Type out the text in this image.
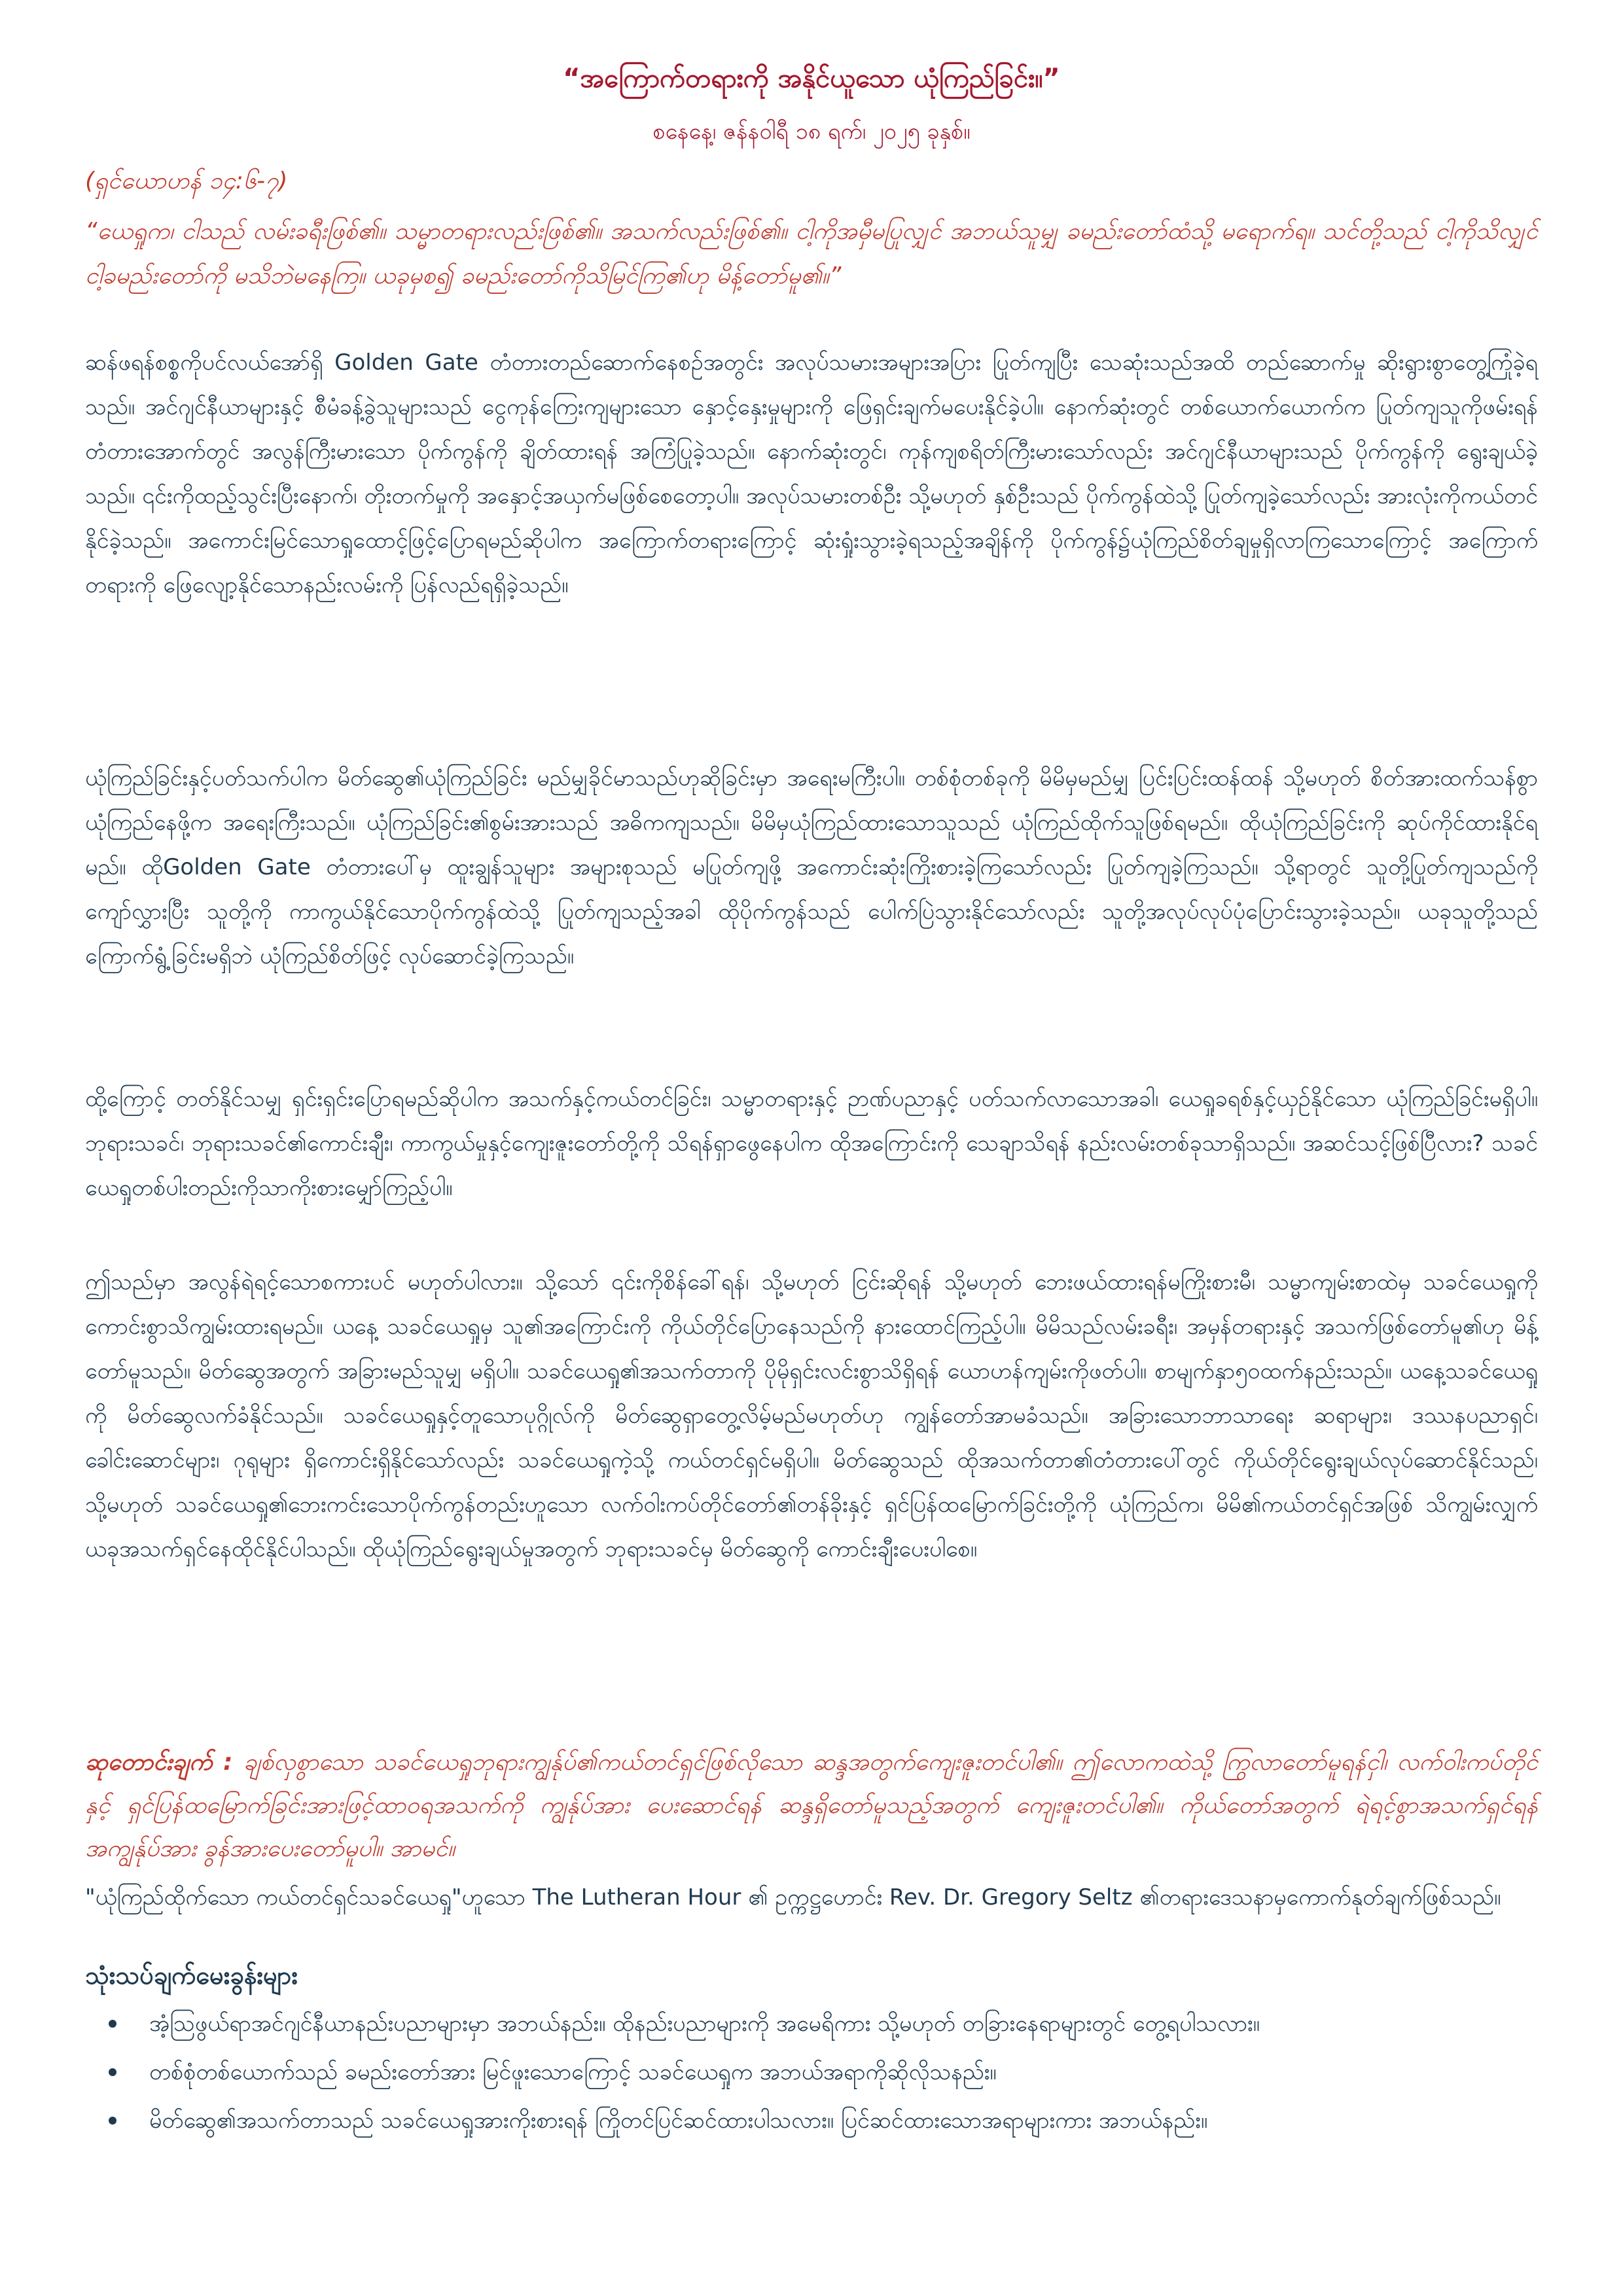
“အကြောက်တရားကို အနိုင်ယူသော ယုံကြည်ခြင်း။”
စနေနေ့၊ ဇန်နဝါရီ ၁၈ ရက်၊ ၂၀၂၅ ခုနှစ်။
(ရှင်ယောဟန် ၁၄:၆-၇)
“ယေရှုက၊ ငါသည် လမ်းခရီးဖြစ်၏။ သမ္မာတရားလည်းဖြစ်၏။ အသက်လည်းဖြစ်၏။ ငါ့ကိုအမှီမပြုလျှင် အဘယ်သူမျှ ခမည်းတော်ထံသို့ မရောက်ရ။ သင်တို့သည် ငါ့ကိုသိလျှင်ငါ့ခမည်းတော်ကို မသိဘဲမနေကြ။ ယခုမှစ၍ ခမည်းတော်ကိုသိမြင်ကြ၏ဟု မိန့်တော်မူ၏။”

ဆန်ဖရန်စစ္စကိုပင်လယ်အော်ရှိ Golden Gate တံတားတည်ဆောက်နေစဉ်အတွင်း အလုပ်သမားအများအပြား ပြုတ်ကျပြီး သေဆုံးသည်အထိ တည်ဆောက်မှု ဆိုးရွားစွာတွေ့ကြုံခဲ့ရသည်။ အင်ဂျင်နီယာများနှင့် စီမံခန့်ခွဲသူများသည် ငွေကုန်ကြေးကျများသော နှောင့်နှေးမှုများကို ဖြေရှင်းချက်မပေးနိုင်ခဲ့ပါ။ နောက်ဆုံးတွင် တစ်ယောက်ယောက်က ပြုတ်ကျသူကိုဖမ်းရန် တံတားအောက်တွင် အလွန်ကြီးမားသော ပိုက်ကွန်ကို ချိတ်ထားရန် အကြံပြုခဲ့သည်။ နောက်ဆုံးတွင်၊ ကုန်ကျစရိတ်ကြီးမားသော်လည်း အင်ဂျင်နီယာများသည် ပိုက်ကွန်ကို ရွေးချယ်ခဲ့သည်။ ၎င်းကိုထည့်သွင်းပြီးနောက်၊ တိုးတက်မှုကို အနှောင့်အယှက်မဖြစ်စေတော့ပါ။ အလုပ်သမားတစ်ဦး သို့မဟုတ် နှစ်ဦးသည် ပိုက်ကွန်ထဲသို့ ပြုတ်ကျခဲ့သော်လည်း အားလုံးကိုကယ်တင်နိုင်ခဲ့သည်။ အကောင်းမြင်သောရှုထောင့်ဖြင့်ပြောရမည်ဆိုပါက အကြောက်တရားကြောင့် ဆုံးရှုံးသွားခဲ့ရသည့်အချိန်ကို ပိုက်ကွန်၌ယုံကြည်စိတ်ချမှုရှိလာကြသောကြောင့် အကြောက်တရားကို ဖြေလျော့နိုင်သောနည်းလမ်းကို ပြန်လည်ရရှိခဲ့သည်။

ယုံကြည်ခြင်းနှင့်ပတ်သက်ပါက မိတ်ဆွေ၏ယုံကြည်ခြင်း မည်မျှခိုင်မာသည်ဟုဆိုခြင်းမှာ အရေးမကြီးပါ။ တစ်စုံတစ်ခုကို မိမိမှမည်မျှ ပြင်းပြင်းထန်ထန် သို့မဟုတ် စိတ်အားထက်သန်စွာ ယုံကြည်နေဖို့က အရေးကြီးသည်။ ယုံကြည်ခြင်း၏စွမ်းအားသည် အဓိကကျသည်။ မိမိမှယုံကြည်ထားသောသူသည် ယုံကြည်ထိုက်သူဖြစ်ရမည်။ ထိုယုံကြည်ခြင်းကို ဆုပ်ကိုင်ထားနိုင်ရမည်။ ထိုGolden Gate တံတားပေါ်မှ ထူးချွန်သူများ အများစုသည် မပြုတ်ကျဖို့ အကောင်းဆုံးကြိုးစားခဲ့ကြသော်လည်း ပြုတ်ကျခဲ့ကြသည်။ သို့ရာတွင် သူတို့ပြုတ်ကျသည်ကို ကျော်လွှားပြီး သူတို့ကို ကာကွယ်နိုင်သောပိုက်ကွန်ထဲသို့ ပြုတ်ကျသည့်အခါ ထိုပိုက်ကွန်သည် ပေါက်ပြဲသွားနိုင်သော်လည်း သူတို့အလုပ်လုပ်ပုံပြောင်းသွားခဲ့သည်။ ယခုသူတို့သည် ကြောက်ရွံ့ခြင်းမရှိဘဲ ယုံကြည်စိတ်ဖြင့် လုပ်ဆောင်ခဲ့ကြသည်။

ထို့ကြောင့် တတ်နိုင်သမျှ ရှင်းရှင်းပြောရမည်ဆိုပါက အသက်နှင့်ကယ်တင်ခြင်း၊ သမ္မာတရားနှင့် ဉာဏ်ပညာနှင့် ပတ်သက်လာသောအခါ၊ ယေရှုခရစ်နှင့်ယှဉ်နိုင်သော ယုံကြည်ခြင်းမရှိပါ။ ဘုရားသခင်၊ ဘုရားသခင်၏ကောင်းချီး၊ ကာကွယ်မှုနှင့်ကျေးဇူးတော်တို့ကို သိရန်ရှာဖွေနေပါက ထိုအကြောင်းကို သေချာသိရန် နည်းလမ်းတစ်ခုသာရှိသည်။ အဆင်သင့်ဖြစ်ပြီလား? သခင်ယေရှုတစ်ပါးတည်းကိုသာကိုးစားမျှော်ကြည့်ပါ။

ဤသည်မှာ အလွန်ရဲရင့်သောစကားပင် မဟုတ်ပါလား။ သို့သော် ၎င်းကိုစိန်ခေါ်ရန်၊ သို့မဟုတ် ငြင်းဆိုရန် သို့မဟုတ် ဘေးဖယ်ထားရန်မကြိုးစားမီ၊ သမ္မာကျမ်းစာထဲမှ သခင်ယေရှုကို ကောင်းစွာသိကျွမ်းထားရမည်။ ယနေ့ သခင်ယေရှုမှ သူ၏အကြောင်းကို ကိုယ်တိုင်ပြောနေသည်ကို နားထောင်ကြည့်ပါ။ မိမိသည်လမ်းခရီး၊ အမှန်တရားနှင့် အသက်ဖြစ်တော်မူ၏ဟု မိန့်တော်မူသည်။ မိတ်ဆွေအတွက် အခြားမည်သူမျှ မရှိပါ။ သခင်ယေရှု၏အသက်တာကို ပိုမိုရှင်းလင်းစွာသိရှိရန် ယောဟန်ကျမ်းကိုဖတ်ပါ။ စာမျက်နှာ၅၀ထက်နည်းသည်။ ယနေ့သခင်ယေရှုကို မိတ်ဆွေလက်ခံနိုင်သည်။ သခင်ယေရှုနှင့်တူသောပုဂ္ဂိုလ်ကို မိတ်ဆွေရှာတွေ့လိမ့်မည်မဟုတ်ဟု ကျွန်တော်အာမခံသည်။ အခြားသောဘာသာရေး ဆရာများ၊ ဒဿနပညာရှင်၊ ခေါင်းဆောင်များ၊ ဂုရုများ ရှိကောင်းရှိနိုင်သော်လည်း သခင်ယေရှုကဲ့သို့ ကယ်တင်ရှင်မရှိပါ။ မိတ်ဆွေသည် ထိုအသက်တာ၏တံတားပေါ်တွင် ကိုယ်တိုင်ရွေးချယ်လုပ်ဆောင်နိုင်သည်၊ သို့မဟုတ် သခင်ယေရှု၏ဘေးကင်းသောပိုက်ကွန်တည်းဟူသော လက်ဝါးကပ်တိုင်တော်၏တန်ခိုးနှင့် ရှင်ပြန်ထမြောက်ခြင်းတို့ကို ယုံကြည်က၊ မိမိ၏ကယ်တင်ရှင်အဖြစ် သိကျွမ်းလျှက် ယခုအသက်ရှင်နေထိုင်နိုင်ပါသည်။ ထိုယုံကြည်ရွေးချယ်မှုအတွက် ဘုရားသခင်မှ မိတ်ဆွေကို ကောင်းချီးပေးပါစေ။

ဆုတောင်းချက် : ချစ်လှစွာသော သခင်ယေရှုဘုရားကျွန်ုပ်၏ကယ်တင်ရှင်ဖြစ်လိုသော ဆန္ဒအတွက်ကျေးဇူးတင်ပါ၏။ ဤလောကထဲသို့ ကြွလာတော်မူရန်ငှါ၊ လက်ဝါးကပ်တိုင်နှင့် ရှင်ပြန်ထမြောက်ခြင်းအားဖြင့်ထာဝရအသက်ကို ကျွန်ုပ်အား ပေးဆောင်ရန် ဆန္ဒရှိတော်မူသည့်အတွက် ကျေးဇူးတင်ပါ၏။ ကိုယ်တော်အတွက် ရဲရင့်စွာအသက်ရှင်ရန် အကျွန်ုပ်အား ခွန်အားပေးတော်မူပါ။ အာမင်။
"ယုံကြည်ထိုက်သော ကယ်တင်ရှင်သခင်ယေရှု"ဟူသော The Lutheran Hour ၏ ဥက္ကဋ္ဌဟောင်း Rev. Dr. Gregory Seltz ၏တရားဒေသနာမှကောက်နုတ်ချက်ဖြစ်သည်။
သုံးသပ်ချက်မေးခွန်းများ
အံ့သြဖွယ်ရာအင်ဂျင်နီယာနည်းပညာများမှာ အဘယ်နည်း။ ထိုနည်းပညာများကို အမေရိကား သို့မဟုတ် တခြားနေရာများတွင် တွေ့ရပါသလား။
တစ်စုံတစ်ယောက်သည် ခမည်းတော်အား မြင်ဖူးသောကြောင့် သခင်ယေရှုက အဘယ်အရာကိုဆိုလိုသနည်း။
မိတ်ဆွေ၏အသက်တာသည် သခင်ယေရှုအားကိုးစားရန် ကြိုတင်ပြင်ဆင်ထားပါသလား။ ပြင်ဆင်ထားသောအရာများကား အဘယ်နည်း။
